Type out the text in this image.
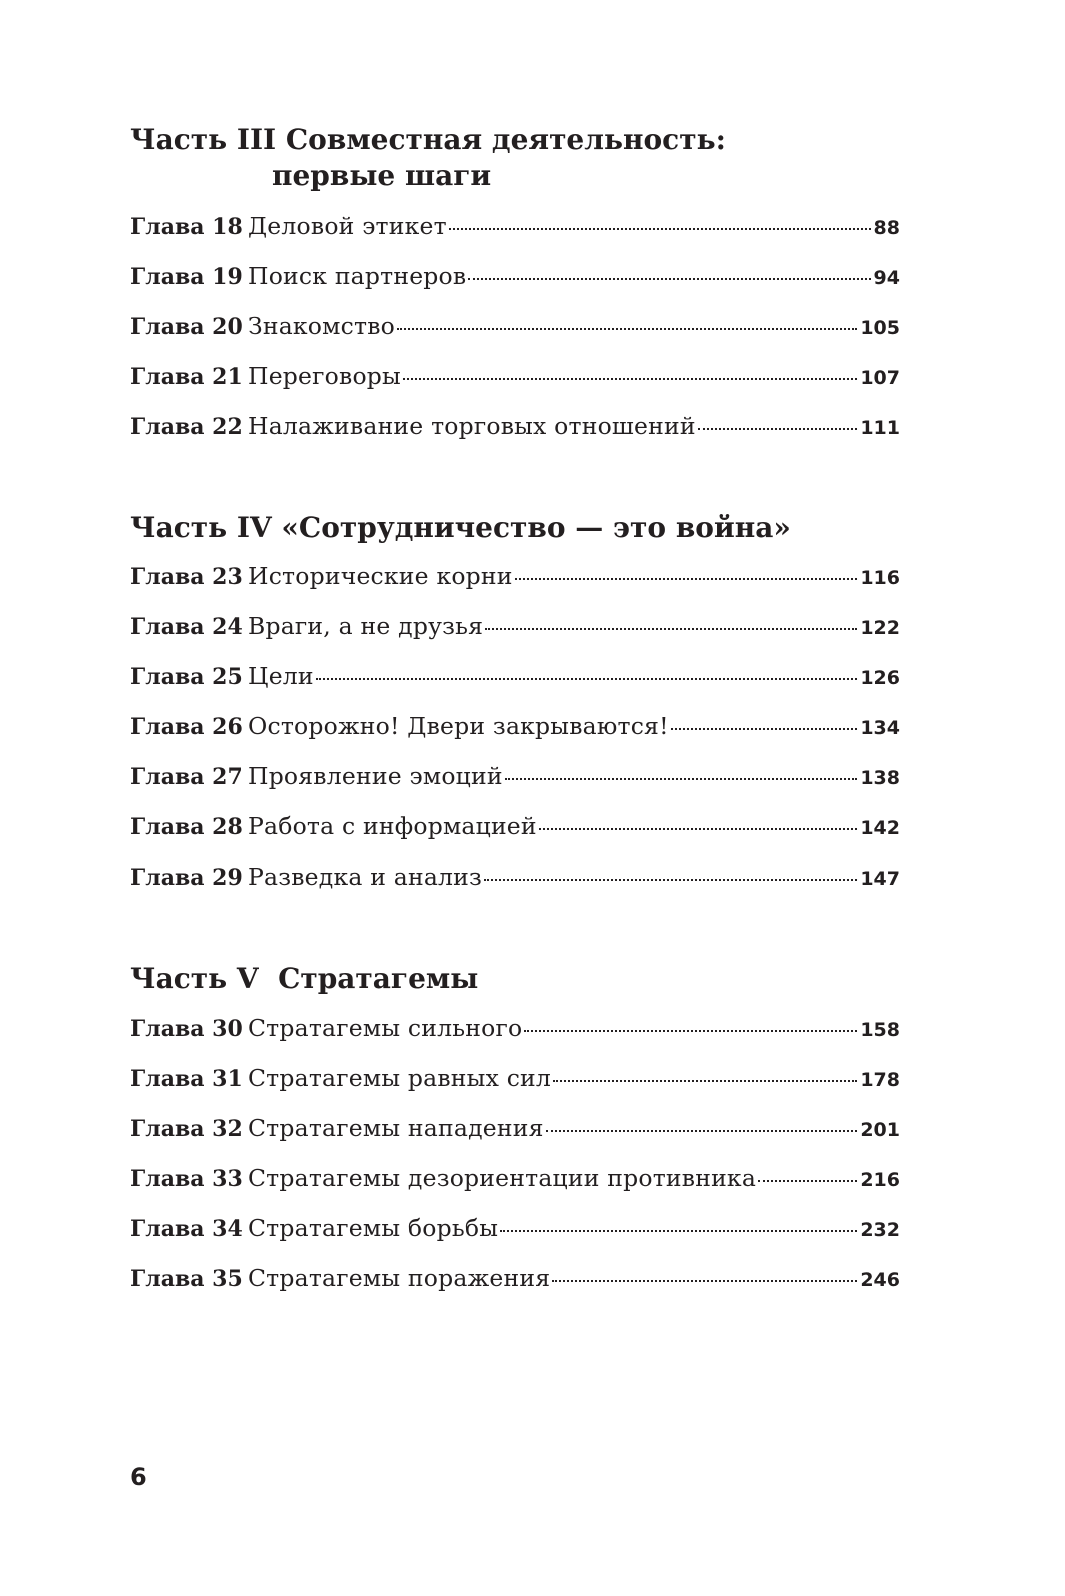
Часть III Совместная деятельность:
первые шаги
Глава 18 Деловой этикет	88
Глава 19 Поиск партнеров	94
Глава 20 Знакомство	105
Глава 21 Переговоры	107
Глава 22 Налаживание торговых отношений	111
Часть IV «Сотрудничество — это война»
Глава 23 Исторические корни	116
Глава 24 Враги, а не друзья	122
Глава 25 Цели	126
Глава 26 Осторожно! Двери закрываются!	134
Глава 27 Проявление эмоций	138
Глава 28 Работа с информацией	142
Глава 29 Разведка и анализ	147
Часть V  Стратагемы
Глава 30 Стратагемы сильного	158
Глава 31 Стратагемы равных сил	178
Глава 32 Стратагемы нападения	201
Глава 33 Стратагемы дезориентации противника	216
Глава 34 Стратагемы борьбы	232
Глава 35 Стратагемы поражения	246
6
